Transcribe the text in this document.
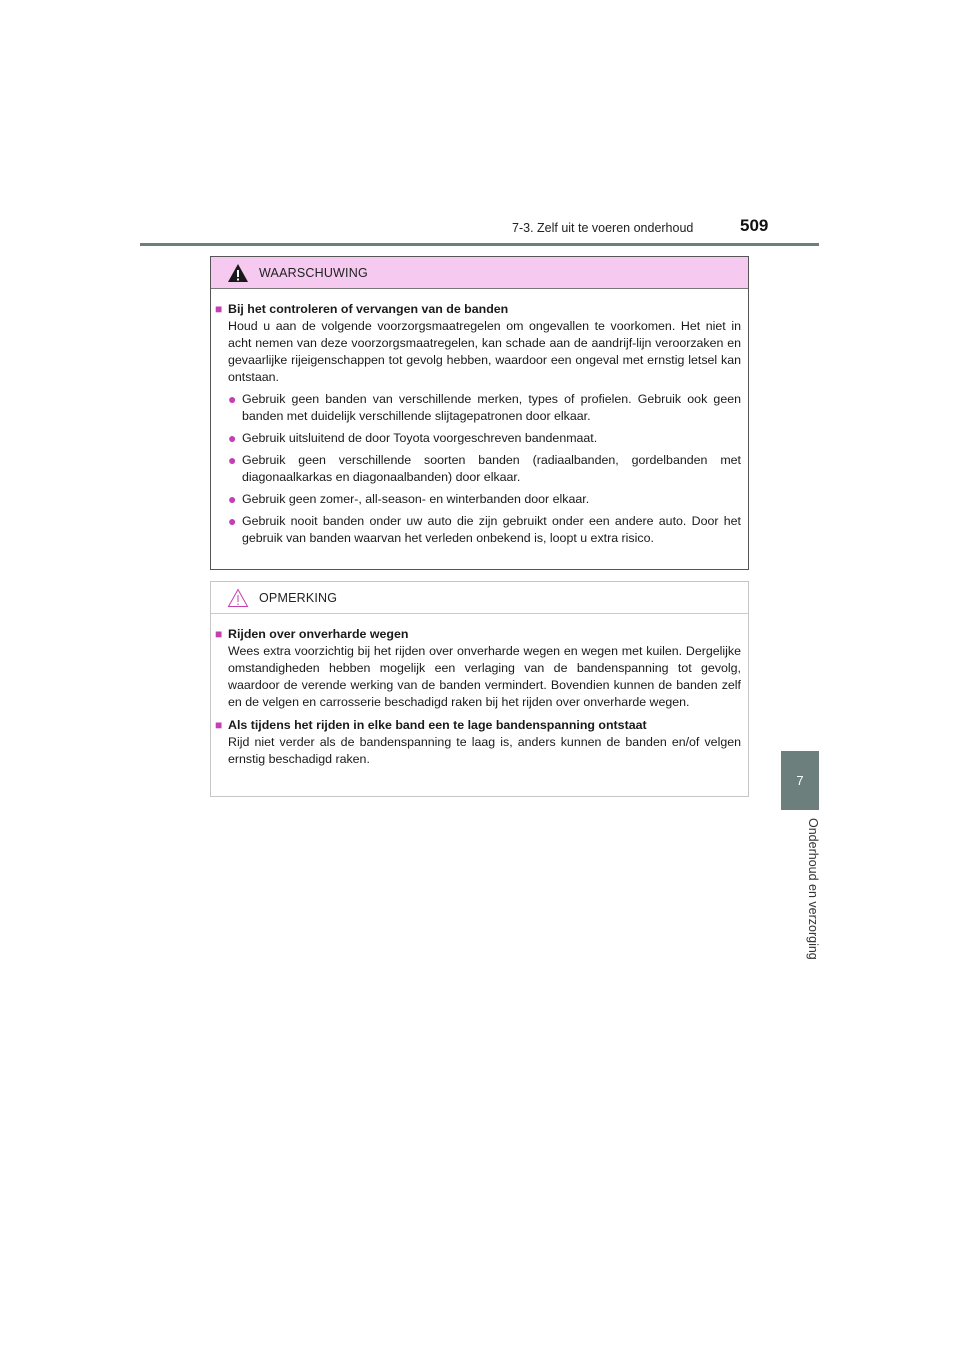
7-3. Zelf uit te voeren onderhoud	509
7
Onderhoud en verzorging
WAARSCHUWING
■ Bij het controleren of vervangen van de banden
Houd u aan de volgende voorzorgsmaatregelen om ongevallen te voorkomen. Het niet in acht nemen van deze voorzorgsmaatregelen, kan schade aan de aandrijf-lijn veroorzaken en gevaarlijke rijeigenschappen tot gevolg hebben, waardoor een ongeval met ernstig letsel kan ontstaan.
● Gebruik geen banden van verschillende merken, types of profielen. Gebruik ook geen banden met duidelijk verschillende slijtagepatronen door elkaar.
● Gebruik uitsluitend de door Toyota voorgeschreven bandenmaat.
● Gebruik geen verschillende soorten banden (radiaalbanden, gordelbanden met diagonaalkarkas en diagonaalbanden) door elkaar.
● Gebruik geen zomer-, all-season- en winterbanden door elkaar.
● Gebruik nooit banden onder uw auto die zijn gebruikt onder een andere auto. Door het gebruik van banden waarvan het verleden onbekend is, loopt u extra risico.
OPMERKING
■ Rijden over onverharde wegen
Wees extra voorzichtig bij het rijden over onverharde wegen en wegen met kuilen. Dergelijke omstandigheden hebben mogelijk een verlaging van de bandenspanning tot gevolg, waardoor de verende werking van de banden vermindert. Bovendien kunnen de banden zelf en de velgen en carrosserie beschadigd raken bij het rijden over onverharde wegen.
■ Als tijdens het rijden in elke band een te lage bandenspanning ontstaat
Rijd niet verder als de bandenspanning te laag is, anders kunnen de banden en/of velgen ernstig beschadigd raken.
